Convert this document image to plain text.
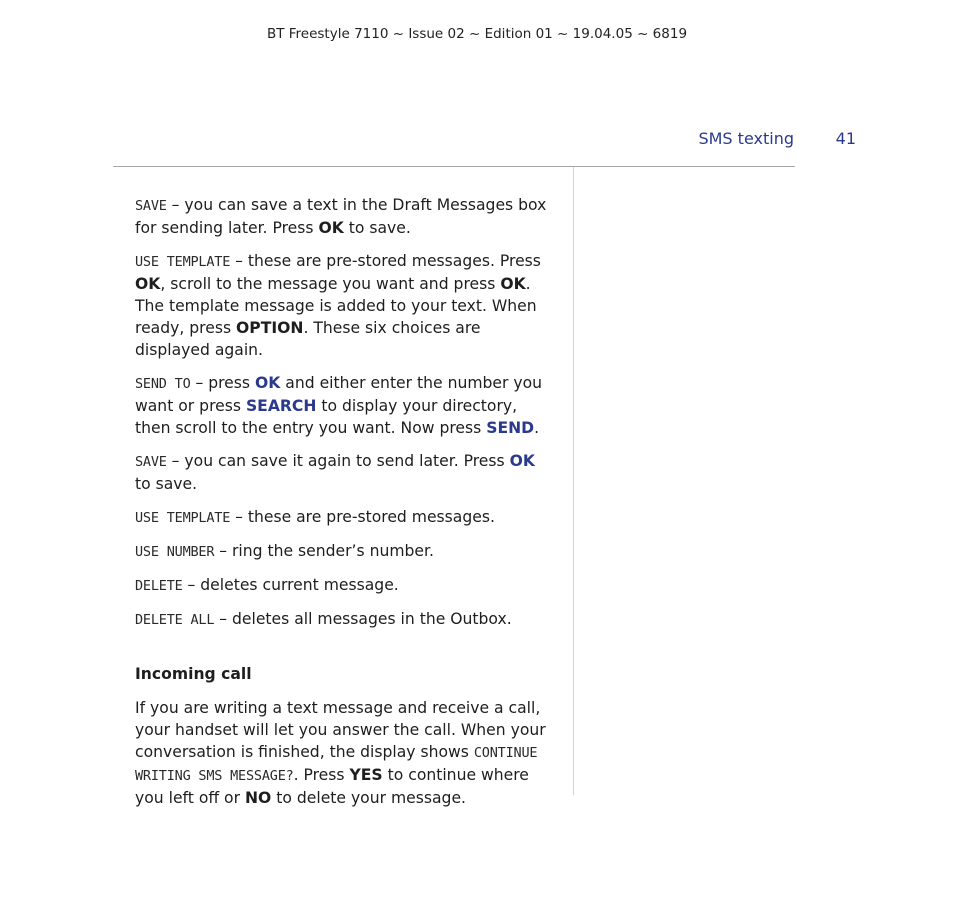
BT Freestyle 7110 ~ Issue 02 ~ Edition 01 ~ 19.04.05 ~ 6819
SMS texting	41

SAVE – you can save a text in the Draft Messages box for sending later. Press OK to save.

USE TEMPLATE – these are pre-stored messages. Press OK, scroll to the message you want and press OK. The template message is added to your text. When ready, press OPTION. These six choices are displayed again.

SEND TO – press OK and either enter the number you want or press SEARCH to display your directory, then scroll to the entry you want. Now press SEND.

SAVE – you can save it again to send later. Press OK to save.

USE TEMPLATE – these are pre-stored messages.

USE NUMBER – ring the sender’s number.

DELETE – deletes current message.

DELETE ALL – deletes all messages in the Outbox.

Incoming call

If you are writing a text message and receive a call, your handset will let you answer the call. When your conversation is finished, the display shows CONTINUE WRITING SMS MESSAGE?. Press YES to continue where you left off or NO to delete your message.
